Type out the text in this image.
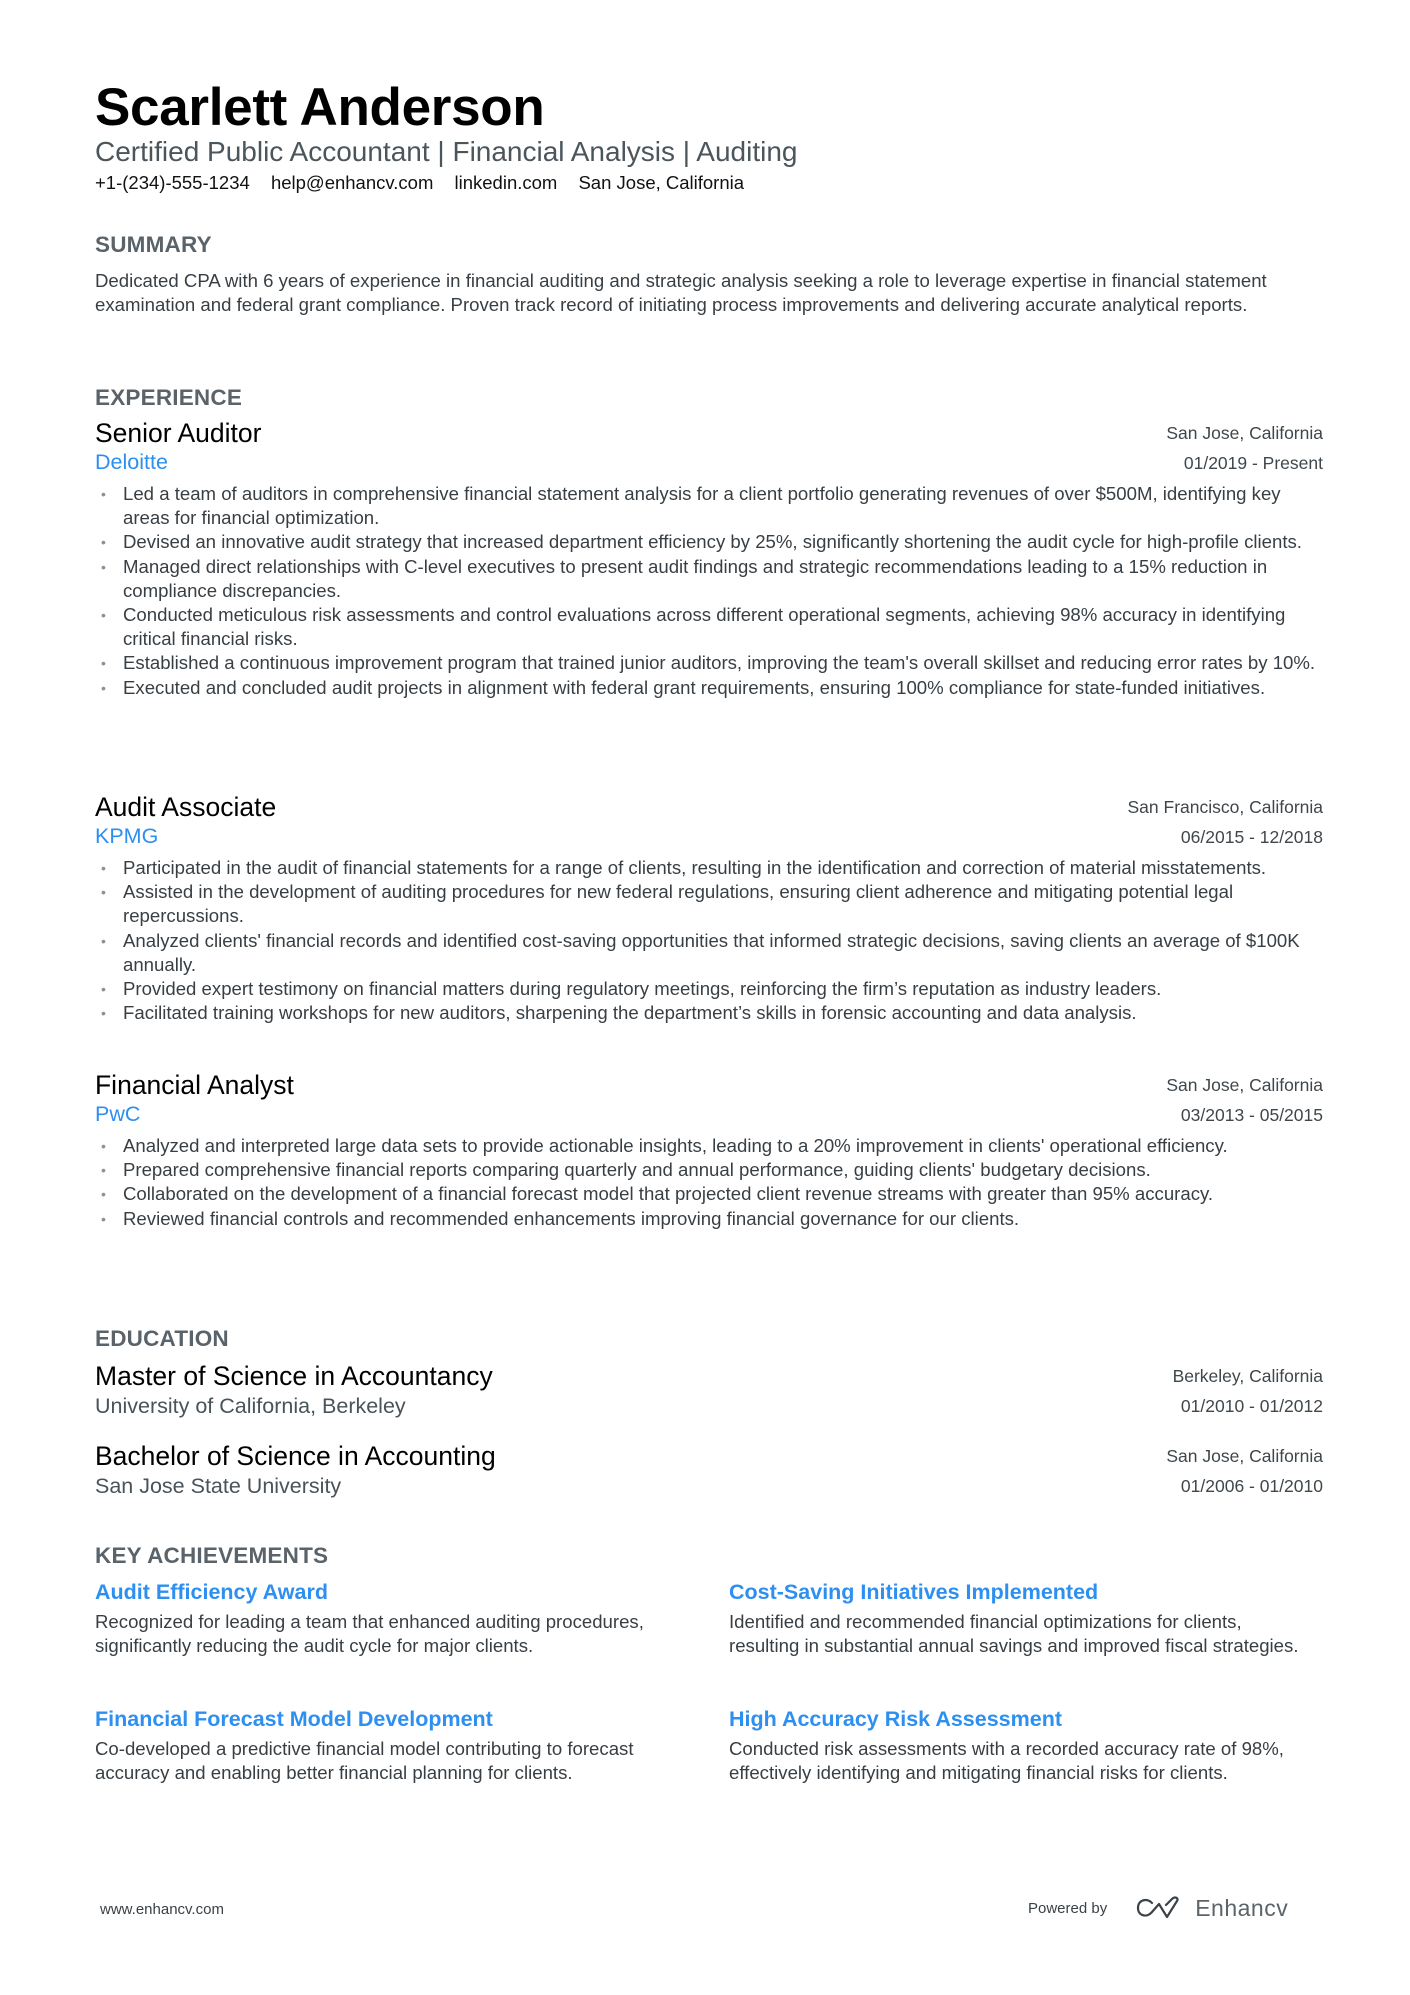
Scarlett Anderson
Certified Public Accountant | Financial Analysis | Auditing
+1-(234)-555-1234 help@enhancv.com linkedin.com San Jose, California
SUMMARY
Dedicated CPA with 6 years of experience in financial auditing and strategic analysis seeking a role to leverage expertise in financial statement examination and federal grant compliance. Proven track record of initiating process improvements and delivering accurate analytical reports.
EXPERIENCE
Senior Auditor
Deloitte
San Jose, California
01/2019 - Present
• Led a team of auditors in comprehensive financial statement analysis for a client portfolio generating revenues of over $500M, identifying key areas for financial optimization.
• Devised an innovative audit strategy that increased department efficiency by 25%, significantly shortening the audit cycle for high-profile clients.
• Managed direct relationships with C-level executives to present audit findings and strategic recommendations leading to a 15% reduction in compliance discrepancies.
• Conducted meticulous risk assessments and control evaluations across different operational segments, achieving 98% accuracy in identifying critical financial risks.
• Established a continuous improvement program that trained junior auditors, improving the team's overall skillset and reducing error rates by 10%.
• Executed and concluded audit projects in alignment with federal grant requirements, ensuring 100% compliance for state-funded initiatives.
Audit Associate
KPMG
San Francisco, California
06/2015 - 12/2018
• Participated in the audit of financial statements for a range of clients, resulting in the identification and correction of material misstatements.
• Assisted in the development of auditing procedures for new federal regulations, ensuring client adherence and mitigating potential legal repercussions.
• Analyzed clients' financial records and identified cost-saving opportunities that informed strategic decisions, saving clients an average of $100K annually.
• Provided expert testimony on financial matters during regulatory meetings, reinforcing the firm’s reputation as industry leaders.
• Facilitated training workshops for new auditors, sharpening the department’s skills in forensic accounting and data analysis.
Financial Analyst
PwC
San Jose, California
03/2013 - 05/2015
• Analyzed and interpreted large data sets to provide actionable insights, leading to a 20% improvement in clients' operational efficiency.
• Prepared comprehensive financial reports comparing quarterly and annual performance, guiding clients' budgetary decisions.
• Collaborated on the development of a financial forecast model that projected client revenue streams with greater than 95% accuracy.
• Reviewed financial controls and recommended enhancements improving financial governance for our clients.
EDUCATION
Master of Science in Accountancy
University of California, Berkeley
Berkeley, California
01/2010 - 01/2012
Bachelor of Science in Accounting
San Jose State University
San Jose, California
01/2006 - 01/2010
KEY ACHIEVEMENTS
Audit Efficiency Award
Recognized for leading a team that enhanced auditing procedures, significantly reducing the audit cycle for major clients.
Cost-Saving Initiatives Implemented
Identified and recommended financial optimizations for clients, resulting in substantial annual savings and improved fiscal strategies.
Financial Forecast Model Development
Co-developed a predictive financial model contributing to forecast accuracy and enabling better financial planning for clients.
High Accuracy Risk Assessment
Conducted risk assessments with a recorded accuracy rate of 98%, effectively identifying and mitigating financial risks for clients.
www.enhancv.com	Powered by	Enhancv
